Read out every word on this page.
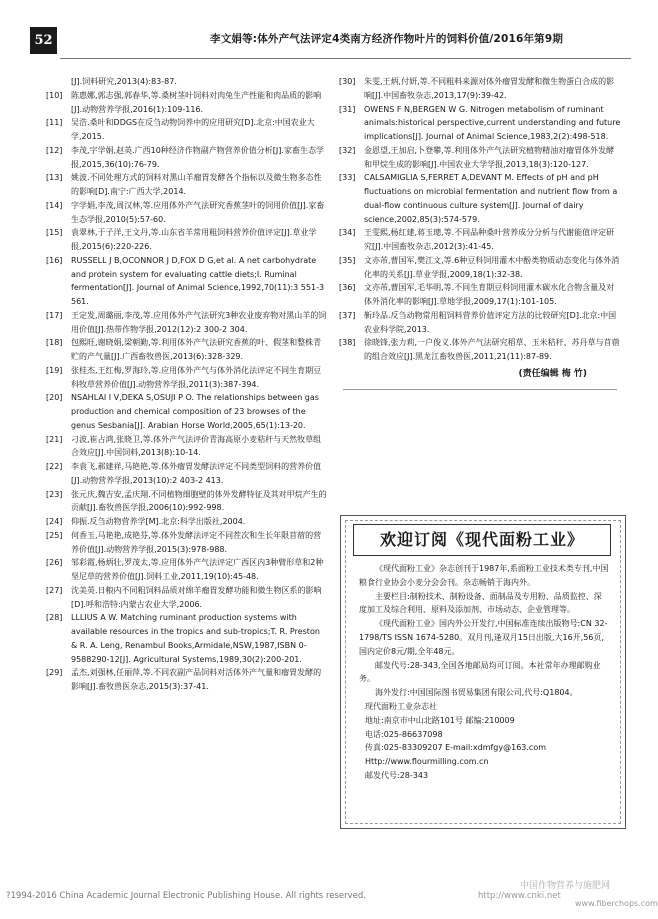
52	李文娟等:体外产气法评定4类南方经济作物叶片的饲料价值/2016年第9期

[J].饲料研究,2013(4):83-87.

[10] 陈惠娜,郭志强,郭春华,等.桑树茎叶饲料对肉兔生产性能和肉品质的影响[J].动物营养学报,2016(1):109-116.

[11] 吴浩.桑叶和DDGS在反刍动物饲养中的应用研究[D].北京:中国农业大学,2015.

[12] 李茂,字学娟,赵英.广西10种经济作物副产物营养价值分析[J].家畜生态学报,2015,36(10):76-79.

[13] 姚波.不同处理方式的饲料对黑山羊瘤胃发酵各个指标以及微生物多态性的影响[D].南宁:广西大学,2014.

[14] 字学娟,李茂,周汉林,等.应用体外产气法研究香蕉茎叶的饲用价值[J].家畜生态学报,2010(5):57-60.

[15] 袁翠林,于子洋,王文丹,等.山东省羊常用粗饲料营养价值评定[J].草业学报,2015(6):220-226.

[16] RUSSELL J B,OCONNOR J D,FOX D G,et al. A net carbohydrate and protein system for evaluating cattle diets;I. Ruminal fermentation[J]. Journal of Animal Science,1992,70(11):3 551-3 561.

[17] 王定发,周璐丽,李茂,等.应用体外产气法研究3种农业废弃物对黑山羊的饲用价值[J].热带作物学报,2012(12):2 300-2 304.

[18] 包熙旺,谢晓娟,梁朝勤,等.利用体外产气法研究香蕉的叶、假茎和整株青贮的产气量[J].广西畜牧兽医,2013(6):328-329.

[19] 张桂杰,王红梅,罗海玲,等.应用体外产气与体外消化法评定不同生育期豆科牧草营养价值[J].动物营养学报,2011(3):387-394.

[20] NSAHLAI I V,DEKA S,OSUJI P O. The relationships between gas production and chemical composition of 23 browses of the genus Sesbania[J]. Arabian Horse World,2005,65(1):13-20.

[21] 刁波,崔占鸿,张晓卫,等.体外产气法评价青海高原小麦秸秆与天然牧草组合效应[J].中国饲料,2013(8):10-14.

[22] 李袁飞,郝建祥,马艳艳,等.体外瘤胃发酵法评定不同类型饲料的营养价值[J].动物营养学报,2013(10):2 403-2 413.

[23] 张元庆,魏吉安,孟庆翔.不同植物细胞壁的体外发酵特征及其对甲烷产生的贡献[J].畜牧兽医学报,2006(10):992-998.

[24] 仰振.反刍动物营养学[M].北京:科学出版社,2004.

[25] 何香玉,马艳艳,成艳芬,等.体外发酵法评定不同茬次和生长年限苜蓿的营养价值[J].动物营养学报,2015(3):978-988.

[26] 邹彩霞,杨炳壮,罗茂太,等.应用体外产气法评定广西区内3种臂形草和2种坚尼草的营养价值[J].饲料工业,2011,19(10):45-48.

[27] 沈美英.日粮内不同粗饲料品质对绵羊瘤胃发酵功能和微生物区系的影响[D].呼和浩特:内蒙古农业大学,2006.

[28] LLLIUS A W. Matching ruminant production systems with available resources in the tropics and sub-tropics;T. R. Preston & R. A. Leng, Renambul Books,Armidale,NSW,1987,ISBN 0-9588290-12[J]. Agricultural Systems,1989,30(2):200-201.

[29] 孟杰,刘强林,任丽萍,等.不同农副产品饲料对活体外产气量和瘤胃发酵的影响[J].畜牧兽医杂志,2015(3):37-41.

[30] 朱雯,王炳,付妍,等.不同粗料来源对体外瘤胃发酵和微生物蛋白合成的影响[J].中国畜牧杂志,2013,17(9):39-42.

[31] OWENS F N,BERGEN W G. Nitrogen metabolism of ruminant animals:historical perspective,current understanding and future implications[J]. Journal of Animal Science,1983,2(2):498-518.

[32] 金恩望,王加启,卜登攀,等.利用体外产气法研究植物精油对瘤胃体外发酵和甲烷生成的影响[J].中国农业大学学报,2013,18(3):120-127.

[33] CALSAMIGLIA S,FERRET A,DEVANT M. Effects of pH and pH fluctuations on microbial fermentation and nutrient flow from a dual-flow continuous culture system[J]. Journal of dairy science,2002,85(3):574-579.

[34] 王雯熙,杨红建,蒋玉璁,等.不同品种桑叶营养成分分析与代谢能值评定研究[J].中国畜牧杂志,2012(3):41-45.

[35] 文亦芾,曹国军,樊江文,等.6种豆科饲用灌木中酚类物质动态变化与体外消化率的关系[J].草业学报,2009,18(1):32-38.

[36] 文亦芾,曹国军,毛华明,等.不同生育期豆科饲用灌木碳水化合物含量及对体外消化率的影响[J].草地学报,2009,17(1):101-105.

[37] 靳玲品.反刍动物常用粗饲料营养价值评定方法的比较研究[D].北京:中国农业科学院,2013.

[38] 徐晓锋,张力莉,一户俊义.体外产气法研究稻草、玉米秸秆、苏丹草与苜蓿的组合效应[J].黑龙江畜牧兽医,2011,21(11):87-89.

(责任编辑 梅 竹)
欢迎订阅《现代面粉工业》

《现代面粉工业》杂志创刊于1987年,系面粉工业技术类专刊,中国粮食行业协会小麦分会会刊。杂志畅销于海内外。

主要栏目:制粉技术、制粉设备、面制品及专用粉、品质监控、深度加工及综合利用、原料及添加剂、市场动态、企业管理等。

《现代面粉工业》国内外公开发行,中国标准连续出版物号:CN 32-1798/TS ISSN 1674-5280。双月刊,逢双月15日出版,大16开,56页,国内定价8元/期,全年48元。

邮发代号:28-343,全国各地邮局均可订阅。本社常年办理邮购业务。

海外发行:中国国际图书贸易集团有限公司,代号:Q1804。

现代面粉工业杂志社

地址:南京市中山北路101号 邮编:210009

电话:025-86637098

传真:025-83309207 E-mail:xdmfgy@163.com

Http://www.flourmilling.com.cn

邮发代号:28-343

?1994-2016 China Academic Journal Electronic Publishing House. All rights reserved.	http://www.cnki.net
www.fiberchops.com
中国作物营养与施肥网
